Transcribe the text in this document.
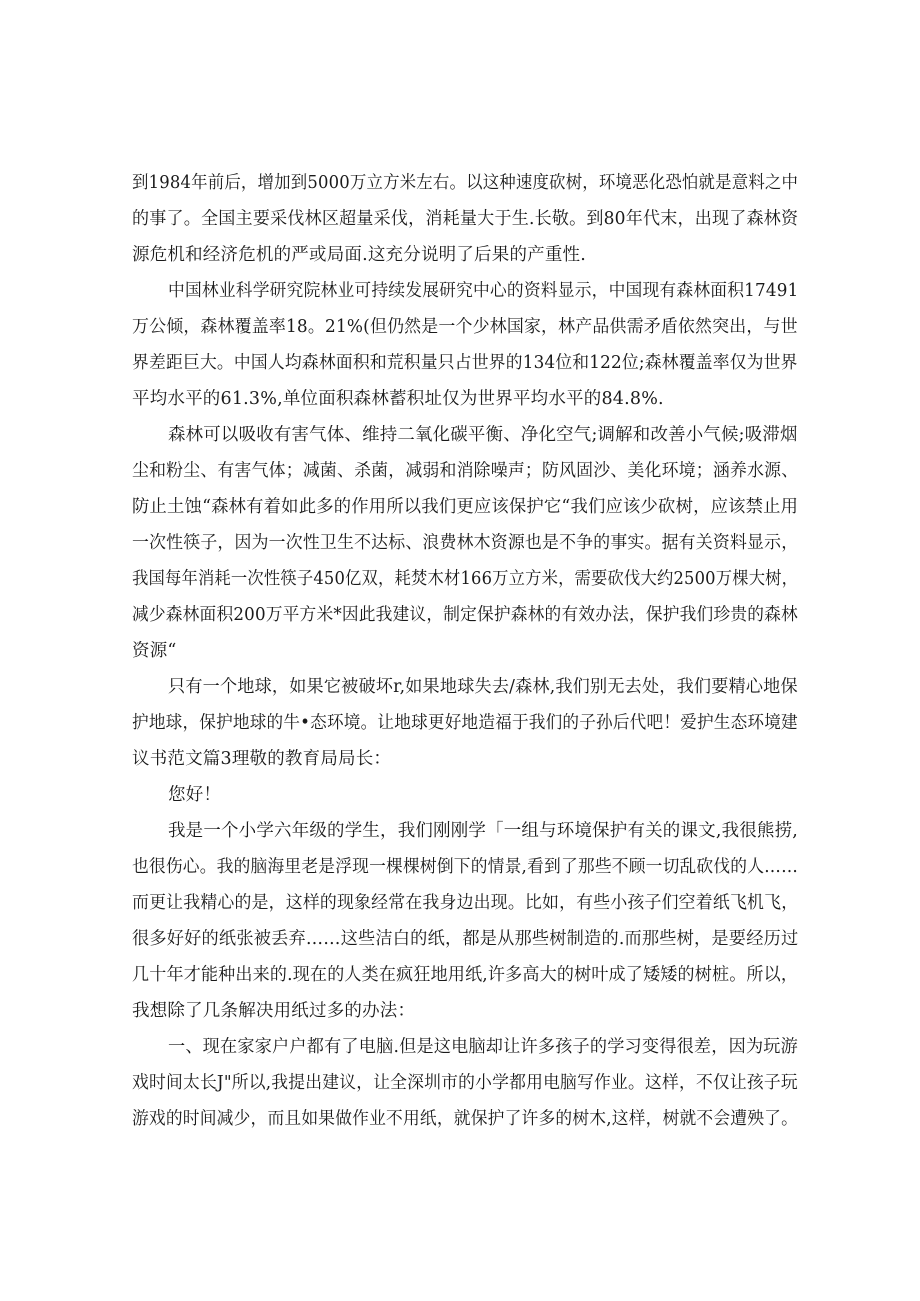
到1984年前后，增加到5000万立方米左右。以这种速度砍树，环境恶化恐怕就是意料之中

的事了。全国主要采伐林区超量采伐，消耗量大于生.长敬。到80年代末，出现了森林资

源危机和经济危机的严或局面.这充分说明了后果的产重性.

中国林业科学研究院林业可持续发展研究中心的资料显示，中国现有森林面积17491

万公倾，森林覆盖率18。21%(但仍然是一个少林国家，林产品供需矛盾依然突出，与世

界差距巨大。中国人均森林面积和荒积量只占世界的134位和122位;森林覆盖率仅为世界

平均水平的61.3%,单位面积森林蓄积址仅为世界平均水平的84.8%.

森林可以吸收有害气体、维持二氧化碳平衡、净化空气;调解和改善小气候;吸滞烟

尘和粉尘、有害气体；减菌、杀菌，减弱和消除噪声；防风固沙、美化环境；涵养水源、

防止土蚀“森林有着如此多的作用所以我们更应该保护它“我们应该少砍树，应该禁止用

一次性筷子，因为一次性卫生不达标、浪费林木资源也是不争的事实。据有关资料显示，

我国每年消耗一次性筷子450亿双，耗焚木材166万立方米，需要砍伐大约2500万棵大树，

减少森林面积200万平方米*因此我建议，制定保护森林的有效办法，保护我们珍贵的森林

资源“

只有一个地球，如果它被破坏r,如果地球失去/森林,我们别无去处，我们要精心地保

护地球，保护地球的牛•态环境。让地球更好地造福于我们的子孙后代吧！爱护生态环境建

议书范文篇3理敬的教育局局长：

您好！

我是一个小学六年级的学生，我们刚刚学「一组与环境保护有关的课文,我很熊捞,

也很伤心。我的脑海里老是浮现一棵棵树倒下的情景,看到了那些不顾一切乱砍伐的人……

而更让我精心的是，这样的现象经常在我身边出现。比如，有些小孩子们空着纸飞机飞，

很多好好的纸张被丢弃……这些洁白的纸，都是从那些树制造的.而那些树，是要经历过

几十年才能种出来的.现在的人类在疯狂地用纸,许多高大的树叶成了矮矮的树桩。所以，

我想除了几条解决用纸过多的办法：

一、现在家家户户都有了电脑.但是这电脑却让许多孩子的学习变得很差，因为玩游

戏时间太长J"所以,我提出建议，让全深圳市的小学都用电脑写作业。这样，不仅让孩子玩

游戏的时间减少，而且如果做作业不用纸，就保护了许多的树木,这样，树就不会遭殃了。
